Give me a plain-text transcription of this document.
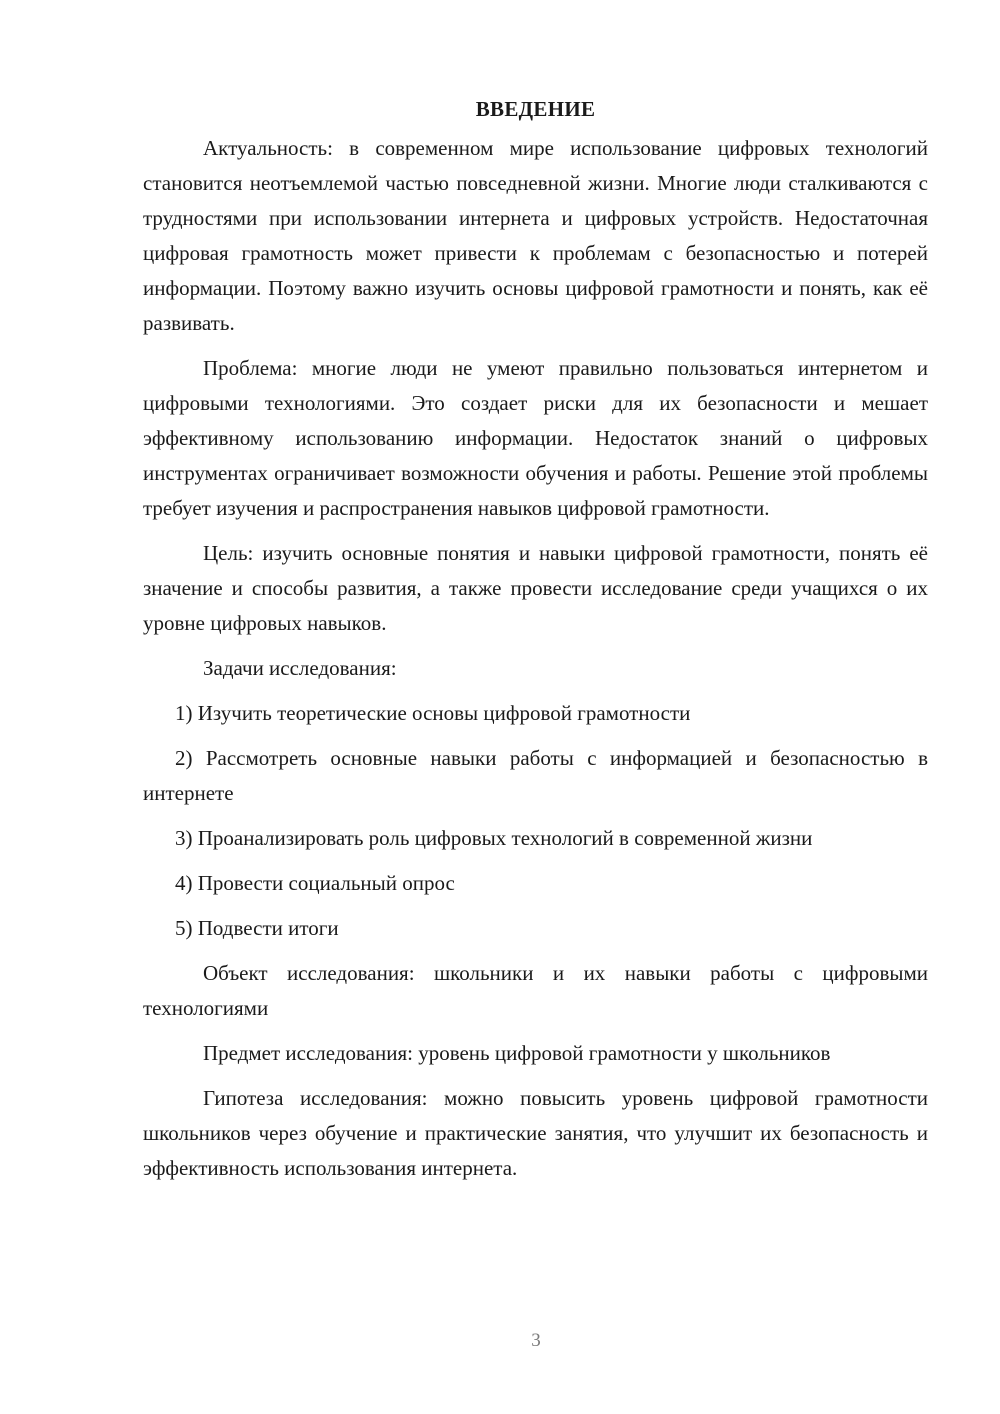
ВВЕДЕНИЕ

Актуальность: в современном мире использование цифровых технологий становится неотъемлемой частью повседневной жизни. Многие люди сталкиваются с трудностями при использовании интернета и цифровых устройств. Недостаточная цифровая грамотность может привести к проблемам с безопасностью и потерей информации. Поэтому важно изучить основы цифровой грамотности и понять, как её развивать.

Проблема: многие люди не умеют правильно пользоваться интернетом и цифровыми технологиями. Это создает риски для их безопасности и мешает эффективному использованию информации. Недостаток знаний о цифровых инструментах ограничивает возможности обучения и работы. Решение этой проблемы требует изучения и распространения навыков цифровой грамотности.

Цель: изучить основные понятия и навыки цифровой грамотности, понять её значение и способы развития, а также провести исследование среди учащихся о их уровне цифровых навыков.

Задачи исследования:

1) Изучить теоретические основы цифровой грамотности

2) Рассмотреть основные навыки работы с информацией и безопасностью в интернете

3) Проанализировать роль цифровых технологий в современной жизни

4) Провести социальный опрос

5) Подвести итоги

Объект исследования: школьники и их навыки работы с цифровыми технологиями

Предмет исследования: уровень цифровой грамотности у школьников

Гипотеза исследования: можно повысить уровень цифровой грамотности школьников через обучение и практические занятия, что улучшит их безопасность и эффективность использования интернета.

3
